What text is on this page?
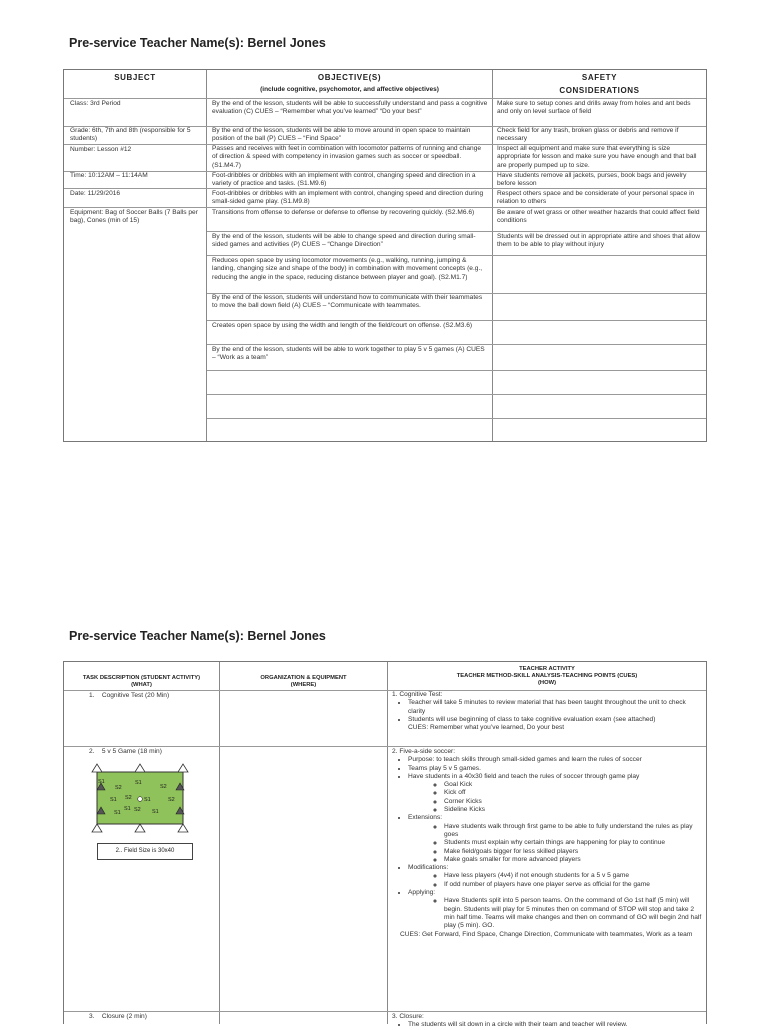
Pre-service Teacher Name(s): Bernel Jones
SUBJECT	OBJECTIVE(S)
(include cognitive, psychomotor, and affective objectives)
SAFETY
CONSIDERATIONS
Class: 3rd Period
Grade: 6th, 7th and 8th (responsible for 5 students)
Number: Lesson #12
Time: 10:12AM – 11:14AM
Date: 11/29/2016
Equipment: Bag of Soccer Balls (7 Balls per bag), Cones (min of 15)
By the end of the lesson, students will be able to successfully understand and pass a cognitive evaluation (C) CUES – “Remember what you’ve learned” “Do your best”
By the end of the lesson, students will be able to move around in open space to maintain position of the ball (P) CUES – “Find Space”
Passes and receives with feet in combination with locomotor patterns of running and change of direction & speed with competency in invasion games such as soccer or speedball. (S1.M4.7)
Foot-dribbles or dribbles with an implement with control, changing speed and direction in a variety of practice and tasks. (S1.M9.6)
Foot-dribbles or dribbles with an implement with control, changing speed and direction during small-sided game play. (S1.M9.8)
Transitions from offense to defense or defense to offense by recovering quickly. (S2.M6.6)
By the end of the lesson, students will be able to change speed and direction during small-sided games and activities (P) CUES – “Change Direction”
Reduces open space by using locomotor movements (e.g., walking, running, jumping & landing, changing size and shape of the body) in combination with movement concepts (e.g., reducing the angle in the space, reducing distance between player and goal). (S2.M1.7)
By the end of the lesson, students will understand how to communicate with their teammates to move the ball down field (A) CUES – “Communicate with teammates.
Creates open space by using the width and length of the field/court on offense. (S2.M3.6)
By the end of the lesson, students will be able to work together to play 5 v 5 games (A) CUES – “Work as a team”
Make sure to setup cones and drills away from holes and ant beds and only on level surface of field
Check field for any trash, broken glass or debris and remove if necessary
Inspect all equipment and make sure that everything is size appropriate for lesson and make sure you have enough and that ball are properly pumped up to size.
Have students remove all jackets, purses, book bags and jewelry before lesson
Respect others space and be considerate of your personal space in relation to others
Be aware of wet grass or other weather hazards that could affect field conditions
Students will be dressed out in appropriate attire and shoes that allow them to be able to play without injury
Pre-service Teacher Name(s): Bernel Jones
TASK DESCRIPTION (STUDENT ACTIVITY)
(WHAT)
ORGANIZATION & EQUIPMENT
(WHERE)
TEACHER ACTIVITY
TEACHER METHOD-SKILL ANALYSIS-TEACHING POINTS (CUES)
(HOW)
1. Cognitive Test (20 Min)
2. 5 v 5 Game (18 min)
3. Closure (2 min)
1. Cognitive Test:
• Teacher will take 5 minutes to review material that has been taught throughout the unit to check clarity
• Students will use beginning of class to take cognitive evaluation exam (see attached)
CUES: Remember what you’ve learned, Do your best
2. Five-a-side soccer:
• Purpose: to teach skills through small-sided games and learn the rules of soccer
• Teams play 5 v 5 games.
• Have students in a 40x30 field and teach the rules of soccer through game play
◦ Goal Kick
◦ Kick off
◦ Corner Kicks
◦ Sideline Kicks
• Extensions:
◦ Have students walk through first game to be able to fully understand the rules as play goes
◦ Students must explain why certain things are happening for play to continue
◦ Make field/goals bigger for less skilled players
◦ Make goals smaller for more advanced players
• Modifications:
◦ Have less players (4v4) if not enough students for a 5 v 5 game
◦ If odd number of players have one player serve as official for the game
• Applying:
◦ Have Students split into 5 person teams. On the command of Go 1st half (5 min) will begin. Students will play for 5 minutes then on command of STOP will stop and take 2 min half time. Teams will make changes and then on command of GO will begin 2nd half play (5 min). GO.
CUES: Get Forward, Find Space, Change Direction, Communicate with teammates, Work as a team
3. Closure:
• The students will sit down in a circle with their team and teacher will review.
S1
S2
S1
S2
S1	S1
S2
S1
S2
S1 S2 S1
2.. Field Size is 30x40
